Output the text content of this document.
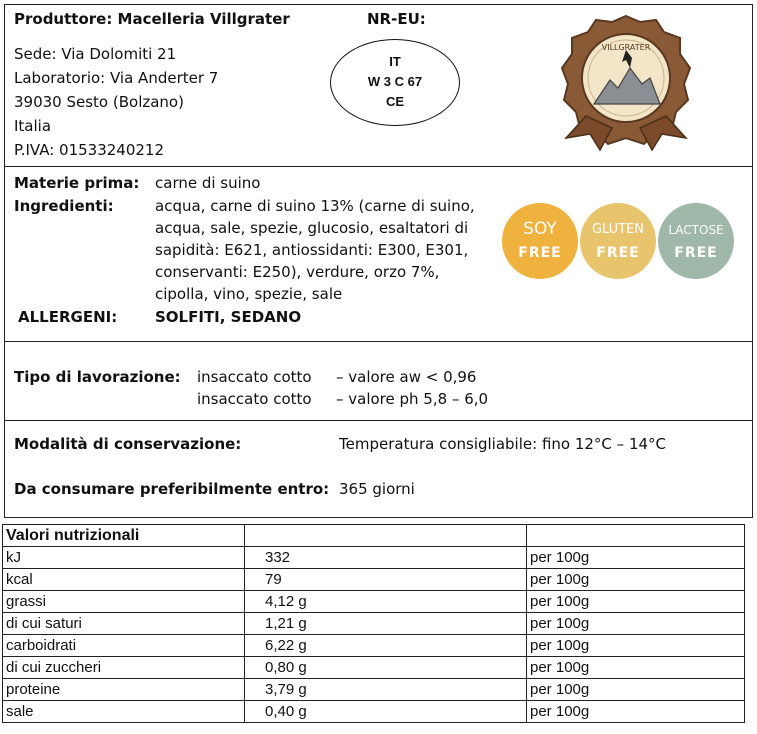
Produttore: Macelleria Villgrater
Sede: Via Dolomiti 21
Laboratorio: Via Anderter 7
39030 Sesto (Bolzano)
Italia
P.IVA: 01533240212
NR-EU:
IT
W 3 C 67
CE
VILLGRATER
Materie prima: carne di suino
Ingredienti:	acqua, carne di suino 13% (carne di suino,
acqua, sale, spezie, glucosio, esaltatori di
sapidità: E621, antiossidanti: E300, E301,
conservanti: E250), verdure, orzo 7%,
cipolla, vino, spezie, sale
ALLERGENI:	SOLFITI, SEDANO
SOY
FREE
GLUTEN
FREE
LACTOSE
FREE
Tipo di lavorazione: insaccato cotto – valore aw < 0,96
insaccato cotto – valore ph 5,8 – 6,0
Modalità di conservazione:	Temperatura consigliabile: fino 12°C – 14°C
Da consumare preferibilmente entro: 365 giorni
Valori nutrizionali		
kJ	332	per 100g
kcal	79	per 100g
grassi	4,12 g	per 100g
di cui saturi	1,21 g	per 100g
carboidrati	6,22 g	per 100g
di cui zuccheri	0,80 g	per 100g
proteine	3,79 g	per 100g
sale	0,40 g	per 100g
